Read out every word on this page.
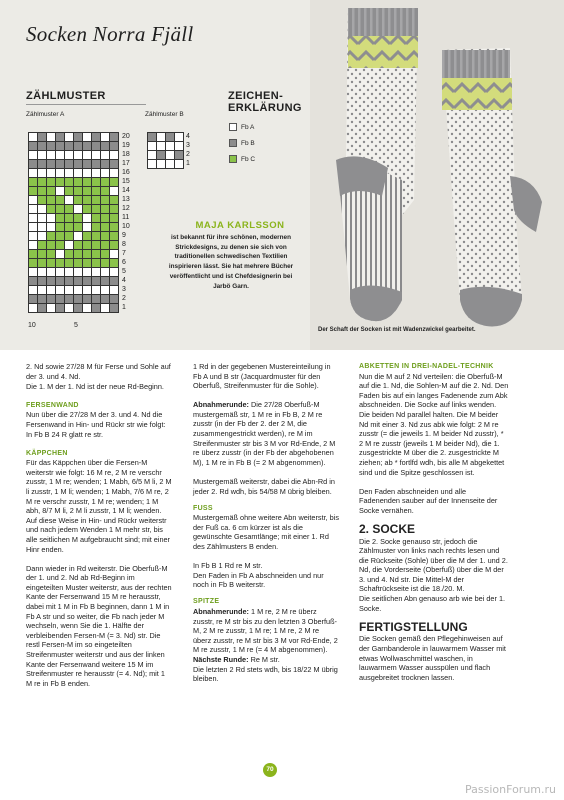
Socken Norra Fjäll
ZÄHLMUSTER
Zählmuster A	Zählmuster B
20
19
18
17
16
15
14
13
12
11
10
9
8
7
6
5
4
3
2
1
10	5
4
3
2
1
ZEICHEN-
ERKLÄRUNG
Fb A
Fb B
Fb C
MAJA KARLSSON
ist bekannt für ihre schönen, modernen Strickdesigns, zu denen sie sich von traditionellen schwedischen Textilien inspirieren lässt. Sie hat mehrere Bücher veröffentlicht und ist Chefdesignerin bei Jarbö Garn.
Der Schaft der Socken ist mit Wadenzwickel gearbeitet.

2. Nd sowie 27/28 M für Ferse und Sohle auf der 3. und 4. Nd.

Die 1. M der 1. Nd ist der neue Rd-Beginn.

FERSENWAND

Nun über die 27/28 M der 3. und 4. Nd die Fersenwand in Hin- und Rückr str wie folgt:

In Fb B 24 R glatt re str.

KÄPPCHEN

Für das Käppchen über die Fersen-M weiterstr wie folgt: 16 M re, 2 M re verschr zusstr, 1 M re; wenden; 1 Mabh, 6/5 M li, 2 M li zusstr, 1 M li; wenden; 1 Mabh, 7/6 M re, 2 M re verschr zusstr, 1 M re; wenden; 1 M abh, 8/7 M li, 2 M li zusstr, 1 M li; wenden.

Auf diese Weise in Hin- und Rückr weiterstr und nach jedem Wenden 1 M mehr str, bis alle seitlichen M aufgebraucht sind; mit einer Hinr enden.

Dann wieder in Rd weiterstr. Die Oberfuß-M der 1. und 2. Nd ab Rd-Beginn im eingeteilten Muster weiterstr, aus der rechten Kante der Fersenwand 15 M re herausstr, dabei mit 1 M in Fb B beginnen, dann 1 M in Fb A str und so weiter, die Fb nach jeder M wechseln, wenn Sie die 1. Hälfte der verbleibenden Fersen-M (= 3. Nd) str. Die restl Fersen-M im so eingeteilten Streifenmuster weiterstr und aus der linken Kante der Fersenwand weitere 15 M im Streifenmuster re herausstr (= 4. Nd); mit 1 M re in Fb B enden.

1 Rd in der gegebenen Mustereinteilung in Fb A und B str (Jacquardmuster für den Oberfuß, Streifenmuster für die Sohle).

Abnahmerunde: Die 27/28 Oberfuß-M mustergemäß str, 1 M re in Fb B, 2 M re zusstr (in der Fb der 2. der 2 M, die zusammengestrickt werden), re M im Streifenmuster str bis 3 M vor Rd-Ende, 2 M re überz zusstr (in der Fb der abgehobenen M), 1 M re in Fb B (= 2 M abgenommen).

Mustergemäß weiterstr, dabei die Abn-Rd in jeder 2. Rd wdh, bis 54/58 M übrig bleiben.

FUSS

Mustergemäß ohne weitere Abn weiterstr, bis der Fuß ca. 6 cm kürzer ist als die gewünschte Gesamtlänge; mit einer 1. Rd des Zählmusters B enden.

In Fb B 1 Rd re M str.

Den Faden in Fb A abschneiden und nur noch in Fb B weiterstr.

SPITZE

Abnahmerunde: 1 M re, 2 M re überz zusstr, re M str bis zu den letzten 3 Oberfuß-M, 2 M re zusstr, 1 M re; 1 M re, 2 M re überz zusstr, re M str bis 3 M vor Rd-Ende, 2 M re zusstr, 1 M re (= 4 M abgenommen).

Nächste Runde: Re M str.

Die letzten 2 Rd stets wdh, bis 18/22 M übrig bleiben.

ABKETTEN IN DREI-NADEL-TECHNIK

Nun die M auf 2 Nd verteilen: die Oberfuß-M auf die 1. Nd, die Sohlen-M auf die 2. Nd. Den Faden bis auf ein langes Fadenende zum Abk abschneiden. Die Socke auf links wenden. Die beiden Nd parallel halten. Die M beider Nd mit einer 3. Nd zus abk wie folgt: 2 M re zusstr (= die jeweils 1. M beider Nd zusstr), * 2 M re zusstr (jeweils 1 M beider Nd), die 1. zusgestrickte M über die 2. zusgestrickte M ziehen; ab * fortlfd wdh, bis alle M abgekettet sind und die Spitze geschlossen ist.

Den Faden abschneiden und alle Fadenenden sauber auf der Innenseite der Socke vernähen.

2. SOCKE

Die 2. Socke genauso str, jedoch die Zählmuster von links nach rechts lesen und die Rückseite (Sohle) über die M der 1. und 2. Nd, die Vorderseite (Oberfuß) über die M der 3. und 4. Nd str. Die Mittel-M der Schaftrückseite ist die 18./20. M.

Die seitlichen Abn genauso arb wie bei der 1. Socke.

FERTIGSTELLUNG

Die Socken gemäß den Pflegehinweisen auf der Garnbanderole in lauwarmem Wasser mit etwas Wollwaschmittel waschen, in lauwarmem Wasser ausspülen und flach ausgebreitet trocknen lassen.

70
PassionForum.ru
